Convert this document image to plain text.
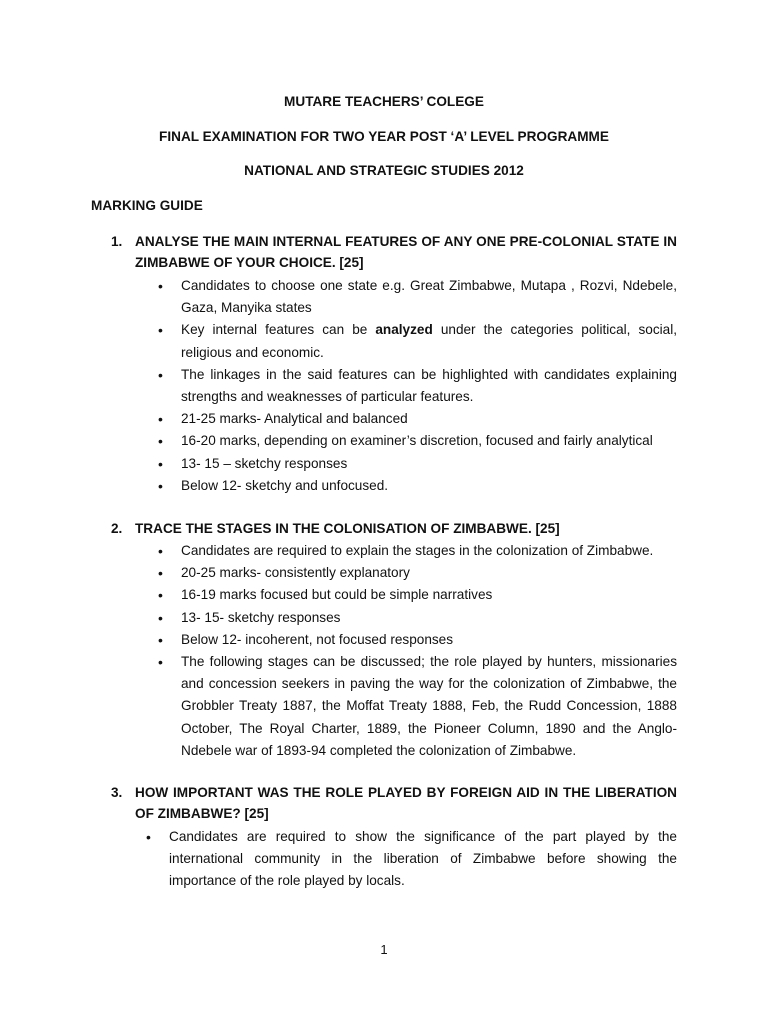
MUTARE TEACHERS’ COLEGE
FINAL EXAMINATION FOR TWO YEAR POST ‘A’ LEVEL PROGRAMME
NATIONAL AND STRATEGIC STUDIES 2012
MARKING GUIDE
1. ANALYSE THE MAIN INTERNAL FEATURES OF ANY ONE PRE-COLONIAL STATE IN ZIMBABWE OF YOUR CHOICE. [25]
•	Candidates to choose one state e.g. Great Zimbabwe, Mutapa , Rozvi, Ndebele, Gaza, Manyika states
•	Key internal features can be analyzed under the categories political, social, religious and economic.
•	The linkages in the said features can be highlighted with candidates explaining strengths and weaknesses of particular features.
•	21-25 marks- Analytical and balanced
•	16-20 marks, depending on examiner’s discretion, focused and fairly analytical
•	13- 15 – sketchy responses
•	Below 12- sketchy and unfocused.
2. TRACE THE STAGES IN THE COLONISATION OF ZIMBABWE. [25]
•	Candidates are required to explain the stages in the colonization of Zimbabwe.
•	20-25 marks- consistently explanatory
•	16-19 marks focused but could be simple narratives
•	13- 15- sketchy responses
•	Below 12- incoherent, not focused responses
•	The following stages can be discussed; the role played by hunters, missionaries and concession seekers in paving the way for the colonization of Zimbabwe, the Grobbler Treaty 1887, the Moffat Treaty 1888, Feb, the Rudd Concession, 1888 October, The Royal Charter, 1889, the Pioneer Column, 1890 and the Anglo-Ndebele war of 1893-94 completed the colonization of Zimbabwe.
3. HOW IMPORTANT WAS THE ROLE PLAYED BY FOREIGN AID IN THE LIBERATION OF ZIMBABWE? [25]
•	Candidates are required to show the significance of the part played by the international community in the liberation of Zimbabwe before showing the importance of the role played by locals.
1
